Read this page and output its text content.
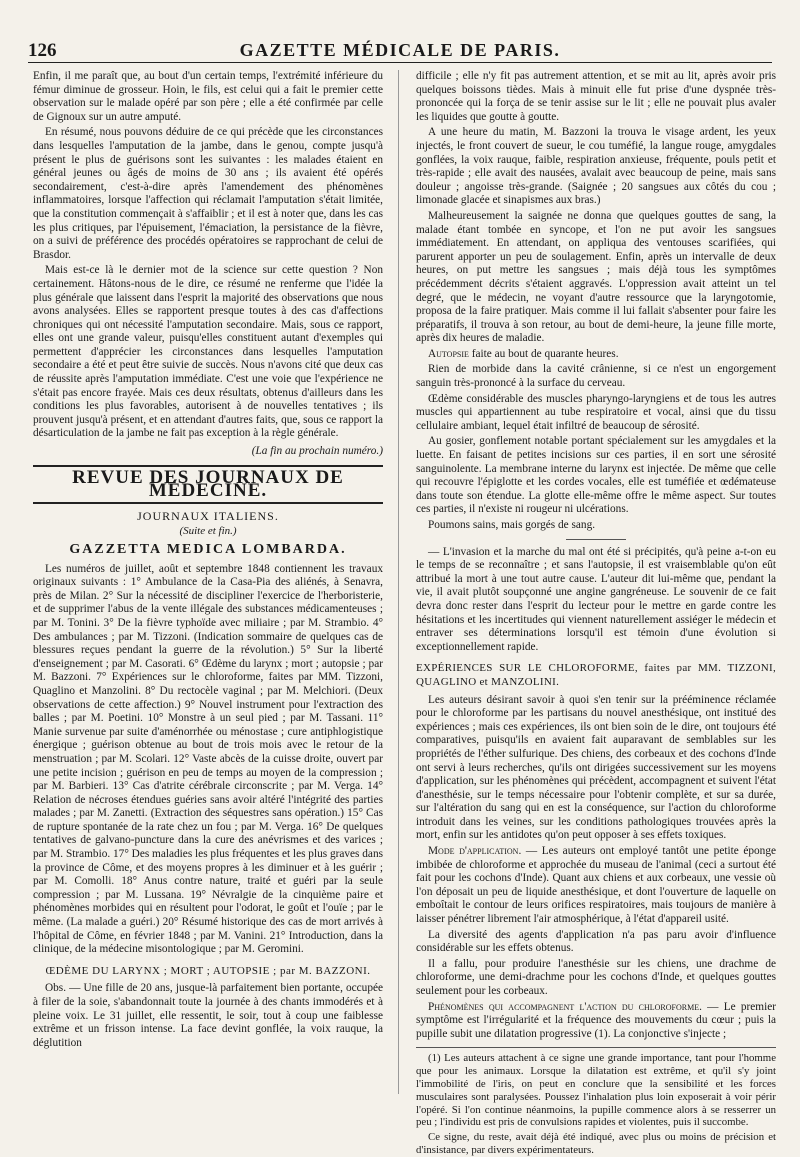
126	GAZETTE MÉDICALE DE PARIS.

Enfin, il me paraît que, au bout d'un certain temps, l'extrémité inférieure du fémur diminue de grosseur. Hoin, le fils, est celui qui a fait le premier cette observation sur le malade opéré par son père ; elle a été confirmée par celle de Gignoux sur un autre amputé.

En résumé, nous pouvons déduire de ce qui précède que les circonstances dans lesquelles l'amputation de la jambe, dans le genou, compte jusqu'à présent le plus de guérisons sont les suivantes : les malades étaient en général jeunes ou âgés de moins de 30 ans ; ils avaient été opérés secondairement, c'est-à-dire après l'amendement des phénomènes inflammatoires, lorsque l'affection qui réclamait l'amputation s'était limitée, que la constitution commençait à s'affaiblir ; et il est à noter que, dans les cas les plus critiques, par l'épuisement, l'émaciation, la persistance de la fièvre, on a suivi de préférence des procédés opératoires se rapprochant de celui de Brasdor.

Mais est-ce là le dernier mot de la science sur cette question ? Non certainement. Hâtons-nous de le dire, ce résumé ne renferme que l'idée la plus générale que laissent dans l'esprit la majorité des observations que nous avons analysées. Elles se rapportent presque toutes à des cas d'affections chroniques qui ont nécessité l'amputation secondaire. Mais, sous ce rapport, elles ont une grande valeur, puisqu'elles constituent autant d'exemples qui permettent d'apprécier les circonstances dans lesquelles l'amputation secondaire a été et peut être suivie de succès. Nous n'avons cité que deux cas de réussite après l'amputation immédiate. C'est une voie que l'expérience ne s'était pas encore frayée. Mais ces deux résultats, obtenus d'ailleurs dans les conditions les plus favorables, autorisent à de nouvelles tentatives ; ils prouvent jusqu'à présent, et en attendant d'autres faits, que, sous ce rapport la désarticulation de la jambe ne fait pas exception à la règle générale.

(La fin au prochain numéro.)
REVUE DES JOURNAUX DE MÉDECINE.
JOURNAUX ITALIENS.
(Suite et fin.)
GAZZETTA MEDICA LOMBARDA.

Les numéros de juillet, août et septembre 1848 contiennent les travaux originaux suivants : 1° Ambulance de la Casa-Pia des aliénés, à Senavra, près de Milan. 2° Sur la nécessité de discipliner l'exercice de l'herboristerie, et de supprimer l'abus de la vente illégale des substances médicamenteuses ; par M. Tonini. 3° De la fièvre typhoïde avec miliaire ; par M. Strambio. 4° Des ambulances ; par M. Tizzoni. (Indication sommaire de quelques cas de blessures reçues pendant la guerre de la révolution.) 5° Sur la liberté d'enseignement ; par M. Casorati. 6° Œdème du larynx ; mort ; autopsie ; par M. Bazzoni. 7° Expériences sur le chloroforme, faites par MM. Tizzoni, Quaglino et Manzolini. 8° Du rectocèle vaginal ; par M. Melchiori. (Deux observations de cette affection.) 9° Nouvel instrument pour l'extraction des balles ; par M. Poetini. 10° Monstre à un seul pied ; par M. Tassani. 11° Manie survenue par suite d'aménorrhée ou ménostase ; cure antiphlogistique énergique ; guérison obtenue au bout de trois mois avec le retour de la menstruation ; par M. Scolari. 12° Vaste abcès de la cuisse droite, ouvert par une petite incision ; guérison en peu de temps au moyen de la compression ; par M. Barbieri. 13° Cas d'atrite cérébrale circonscrite ; par M. Verga. 14° Relation de nécroses étendues guéries sans avoir altéré l'intégrité des parties malades ; par M. Zanetti. (Extraction des séquestres sans opération.) 15° Cas de rupture spontanée de la rate chez un fou ; par M. Verga. 16° De quelques tentatives de galvano-puncture dans la cure des anévrismes et des varices ; par M. Strambio. 17° Des maladies les plus fréquentes et les plus graves dans la province de Côme, et des moyens propres à les diminuer et à les guérir ; par M. Comolli. 18° Anus contre nature, traité et guéri par la seule compression ; par M. Lussana. 19° Névralgie de la cinquième paire et phénomènes morbides qui en résultent pour l'odorat, le goût et l'ouïe ; par le même. (La malade a guéri.) 20° Résumé historique des cas de mort arrivés à l'hôpital de Côme, en février 1848 ; par M. Vanini. 21° Introduction, dans la clinique, de la médecine misontologique ; par M. Geromini.

ŒDÈME DU LARYNX ; MORT ; AUTOPSIE ; par M. BAZZONI.

Obs. — Une fille de 20 ans, jusque-là parfaitement bien portante, occupée à filer de la soie, s'abandonnait toute la journée à des chants immodérés et à pleine voix. Le 31 juillet, elle ressentit, le soir, tout à coup une faiblesse extrême et un frisson intense. La face devint gonflée, la voix rauque, la déglutition

difficile ; elle n'y fit pas autrement attention, et se mit au lit, après avoir pris quelques boissons tièdes. Mais à minuit elle fut prise d'une dyspnée très-prononcée qui la força de se tenir assise sur le lit ; elle ne pouvait plus avaler les liquides que goutte à goutte.

A une heure du matin, M. Bazzoni la trouva le visage ardent, les yeux injectés, le front couvert de sueur, le cou tuméfié, la langue rouge, amygdales gonflées, la voix rauque, faible, respiration anxieuse, fréquente, pouls petit et très-rapide ; elle avait des nausées, avalait avec beaucoup de peine, mais sans douleur ; angoisse très-grande. (Saignée ; 20 sangsues aux côtés du cou ; limonade glacée et sinapismes aux bras.)

Malheureusement la saignée ne donna que quelques gouttes de sang, la malade étant tombée en syncope, et l'on ne put avoir les sangsues immédiatement. En attendant, on appliqua des ventouses scarifiées, qui parurent apporter un peu de soulagement. Enfin, après un intervalle de deux heures, on put mettre les sangsues ; mais déjà tous les symptômes précédemment décrits s'étaient aggravés. L'oppression avait atteint un tel degré, que le médecin, ne voyant d'autre ressource que la laryngotomie, proposa de la faire pratiquer. Mais comme il lui fallait s'absenter pour faire les préparatifs, il trouva à son retour, au bout de demi-heure, la jeune fille morte, après dix heures de maladie.

Autopsie faite au bout de quarante heures.

Rien de morbide dans la cavité crânienne, si ce n'est un engorgement sanguin très-prononcé à la surface du cerveau.

Œdème considérable des muscles pharyngo-laryngiens et de tous les autres muscles qui appartiennent au tube respiratoire et vocal, ainsi que du tissu cellulaire ambiant, lequel était infiltré de beaucoup de sérosité.

Au gosier, gonflement notable portant spécialement sur les amygdales et la luette. En faisant de petites incisions sur ces parties, il en sort une sérosité sanguinolente. La membrane interne du larynx est injectée. De même que celle qui recouvre l'épiglotte et les cordes vocales, elle est tuméfiée et œdémateuse dans toute son étendue. La glotte elle-même offre le même aspect. Sur toutes ces parties, il n'existe ni rougeur ni ulcérations.

Poumons sains, mais gorgés de sang.

— L'invasion et la marche du mal ont été si précipités, qu'à peine a-t-on eu le temps de se reconnaître ; et sans l'autopsie, il est vraisemblable qu'on eût attribué la mort à une tout autre cause. L'auteur dit lui-même que, pendant la vie, il avait plutôt soupçonné une angine gangréneuse. Le souvenir de ce fait devra donc rester dans l'esprit du lecteur pour le mettre en garde contre les hésitations et les incertitudes qui viennent naturellement assiéger le médecin et entraver ses déterminations lorsqu'il est témoin d'une évolution si exceptionnellement rapide.

EXPÉRIENCES SUR LE CHLOROFORME, faites par MM. TIZZONI, QUAGLINO et MANZOLINI.

Les auteurs désirant savoir à quoi s'en tenir sur la prééminence réclamée pour le chloroforme par les partisans du nouvel anesthésique, ont institué des expériences ; mais ces expériences, ils ont bien soin de le dire, ont toujours été comparatives, puisqu'ils en avaient fait auparavant de semblables sur les propriétés de l'éther sulfurique. Des chiens, des corbeaux et des cochons d'Inde ont servi à leurs recherches, qu'ils ont dirigées successivement sur les moyens d'application, sur les phénomènes qui précèdent, accompagnent et suivent l'état d'anesthésie, sur le temps nécessaire pour l'obtenir complète, et sur sa durée, sur l'altération du sang qui en est la conséquence, sur l'action du chloroforme introduit dans les veines, sur les conditions pathologiques trouvées après la mort, enfin sur les antidotes qu'on peut opposer à ses effets toxiques.

Mode d'application. — Les auteurs ont employé tantôt une petite éponge imbibée de chloroforme et approchée du museau de l'animal (ceci a surtout été fait pour les cochons d'Inde). Quant aux chiens et aux corbeaux, une vessie où l'on déposait un peu de liquide anesthésique, et dont l'ouverture de laquelle on emboîtait le contour de leurs orifices respiratoires, mais toujours de manière à laisser pénétrer librement l'air atmosphérique, à l'état d'appareil usité.

La diversité des agents d'application n'a pas paru avoir d'influence considérable sur les effets obtenus.

Il a fallu, pour produire l'anesthésie sur les chiens, une drachme de chloroforme, une demi-drachme pour les cochons d'Inde, et quelques gouttes seulement pour les corbeaux.

Phénomènes qui accompagnent l'action du chloroforme. — Le premier symptôme est l'irrégularité et la fréquence des mouvements du cœur ; puis la pupille subit une dilatation progressive (1). La conjonctive s'injecte ;

(1) Les auteurs attachent à ce signe une grande importance, tant pour l'homme que pour les animaux. Lorsque la dilatation est extrême, et qu'il s'y joint l'immobilité de l'iris, on peut en conclure que la sensibilité et les forces musculaires sont paralysées. Poussez l'inhalation plus loin exposerait à voir périr l'opéré. Si l'on continue néanmoins, la pupille commence alors à se resserrer un peu ; l'individu est pris de convulsions rapides et violentes, puis il succombe.

Ce signe, du reste, avait déjà été indiqué, avec plus ou moins de précision et d'insistance, par divers expérimentateurs.
